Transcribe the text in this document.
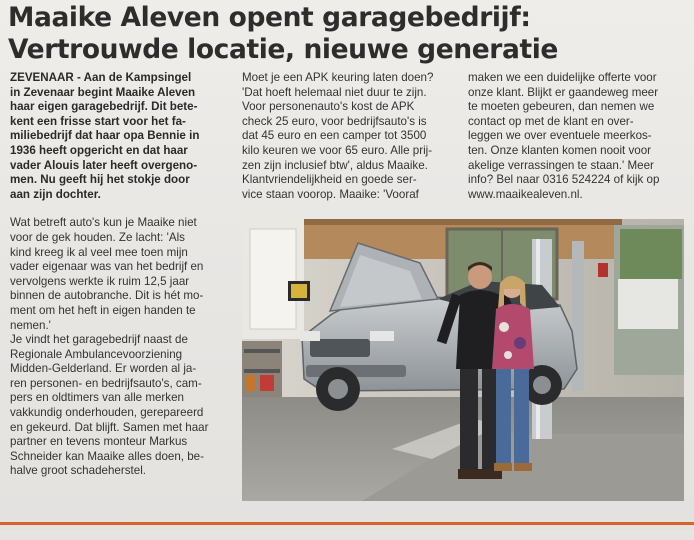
Maaike Aleven opent garagebedrijf:
Vertrouwde locatie, nieuwe generatie

ZEVENAAR - Aan de Kampsingel
in Zevenaar begint Maaike Aleven
haar eigen garagebedrijf. Dit bete-
kent een frisse start voor het fa-
miliebedrijf dat haar opa Bennie in
1936 heeft opgericht en dat haar
vader Alouis later heeft overgeno-
men. Nu geeft hij het stokje door
aan zijn dochter.

Wat betreft auto's kun je Maaike niet
voor de gek houden. Ze lacht: 'Als
kind kreeg ik al veel mee toen mijn
vader eigenaar was van het bedrijf en
vervolgens werkte ik ruim 12,5 jaar
binnen de autobranche. Dit is hét mo-
ment om het heft in eigen handen te
nemen.'

Je vindt het garagebedrijf naast de
Regionale Ambulancevoorziening
Midden-Gelderland. Er worden al ja-
ren personen- en bedrijfsauto's, cam-
pers en oldtimers van alle merken
vakkundig onderhouden, gerepareerd
en gekeurd. Dat blijft. Samen met haar
partner en tevens monteur Markus
Schneider kan Maaike alles doen, be-
halve groot schadeherstel.

Moet je een APK keuring laten doen?
'Dat hoeft helemaal niet duur te zijn.
Voor personenauto's kost de APK
check 25 euro, voor bedrijfsauto's is
dat 45 euro en een camper tot 3500
kilo keuren we voor 65 euro. Alle prij-
zen zijn inclusief btw', aldus Maaike.
Klantvriendelijkheid en goede ser-
vice staan voorop. Maaike: 'Vooraf

maken we een duidelijke offerte voor
onze klant. Blijkt er gaandeweg meer
te moeten gebeuren, dan nemen we
contact op met de klant en over-
leggen we over eventuele meerkos-
ten. Onze klanten komen nooit voor
akelige verrassingen te staan.' Meer
info? Bel naar 0316 524224 of kijk op
www.maaikealeven.nl.
